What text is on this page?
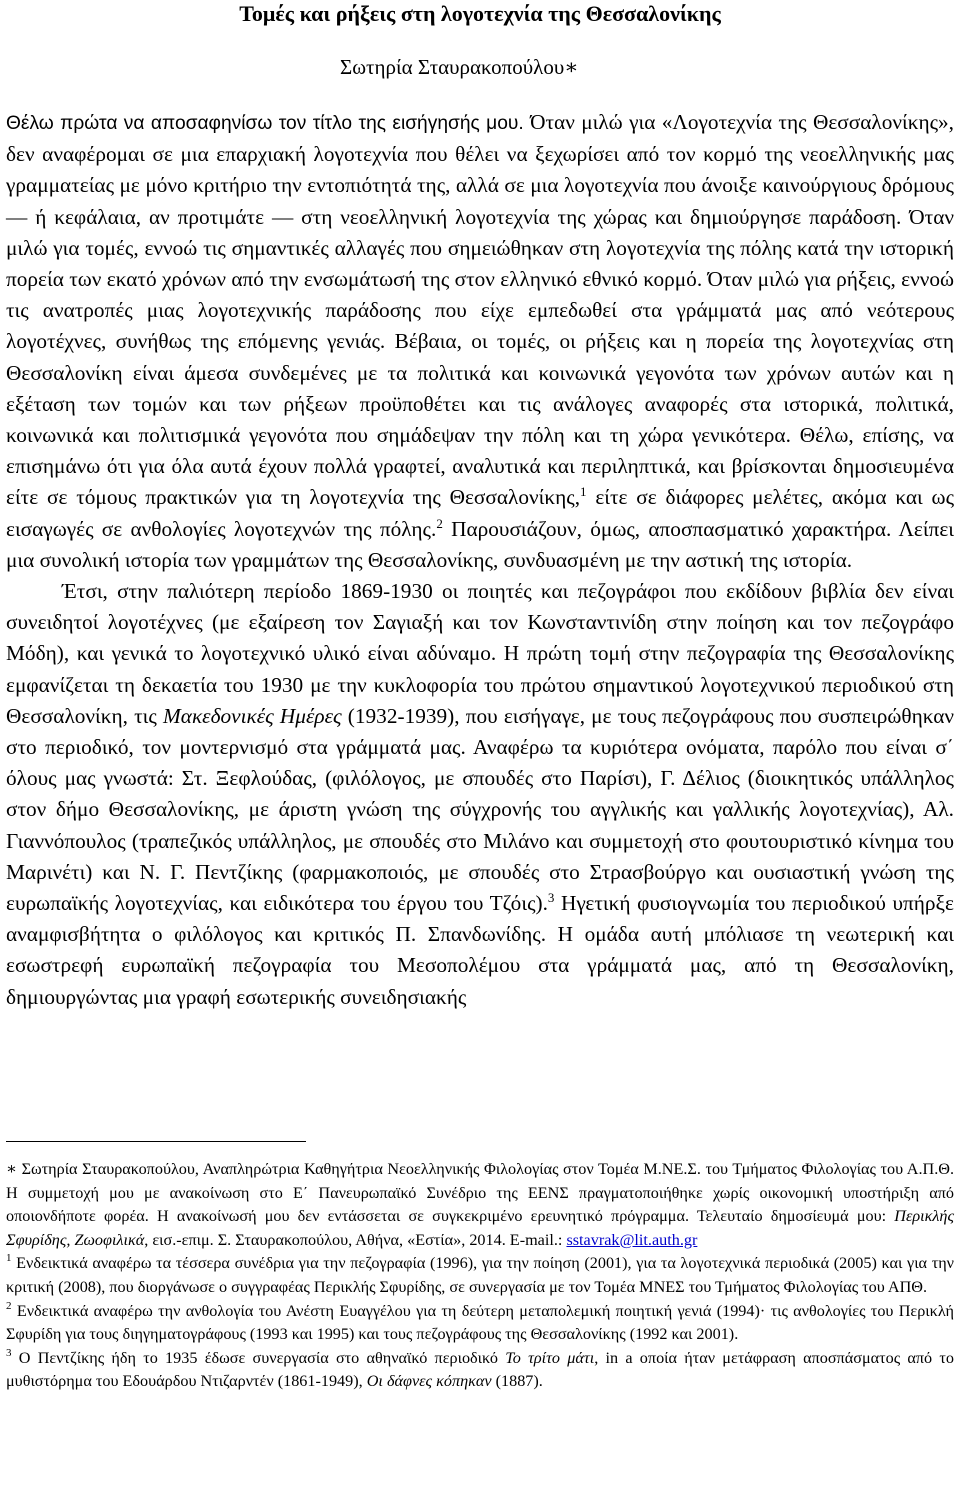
Τομές και ρήξεις στη λογοτεχνία της Θεσσαλονίκης
Σωτηρία Σταυρακοπούλου∗

Θέλω πρώτα να αποσαφηνίσω τον τίτλο της εισήγησής μου. Όταν μιλώ για «Λογοτεχνία της Θεσσαλονίκης», δεν αναφέρομαι σε μια επαρχιακή λογοτεχνία που θέλει να ξεχωρίσει από τον κορμό της νεοελληνικής μας γραμματείας με μόνο κριτήριο την εντοπιότητά της, αλλά σε μια λογοτεχνία που άνοιξε καινούργιους δρόμους — ή κεφάλαια, αν προτιμάτε — στη νεοελληνική λογοτεχνία της χώρας και δημιούργησε παράδοση. Όταν μιλώ για τομές, εννοώ τις σημαντικές αλλαγές που σημειώθηκαν στη λογοτεχνία της πόλης κατά την ιστορική πορεία των εκατό χρόνων από την ενσωμάτωσή της στον ελληνικό εθνικό κορμό. Όταν μιλώ για ρήξεις, εννοώ τις ανατροπές μιας λογοτεχνικής παράδοσης που είχε εμπεδωθεί στα γράμματά μας από νεότερους λογοτέχνες, συνήθως της επόμενης γενιάς. Βέβαια, οι τομές, οι ρήξεις και η πορεία της λογοτεχνίας στη Θεσσαλονίκη είναι άμεσα συνδεμένες με τα πολιτικά και κοινωνικά γεγονότα των χρόνων αυτών και η εξέταση των τομών και των ρήξεων προϋποθέτει και τις ανάλογες αναφορές στα ιστορικά, πολιτικά, κοινωνικά και πολιτισμικά γεγονότα που σημάδεψαν την πόλη και τη χώρα γενικότερα. Θέλω, επίσης, να επισημάνω ότι για όλα αυτά έχουν πολλά γραφτεί, αναλυτικά και περιληπτικά, και βρίσκονται δημοσιευμένα είτε σε τόμους πρακτικών για τη λογοτεχνία της Θεσσαλονίκης,$^1$ είτε σε διάφορες μελέτες, ακόμα και ως εισαγωγές σε ανθολογίες λογοτεχνών της πόλης.$^2$ Παρουσιάζουν, όμως, αποσπασματικό χαρακτήρα. Λείπει μια συνολική ιστορία των γραμμάτων της Θεσσαλονίκης, συνδυασμένη με την αστική της ιστορία.

Έτσι, στην παλιότερη περίοδο 1869-1930 οι ποιητές και πεζογράφοι που εκδίδουν βιβλία δεν είναι συνειδητοί λογοτέχνες (με εξαίρεση τον Σαγιαξή και τον Κωνσταντινίδη στην ποίηση και τον πεζογράφο Μόδη), και γενικά το λογοτεχνικό υλικό είναι αδύναμο. Η πρώτη τομή στην πεζογραφία της Θεσσαλονίκης εμφανίζεται τη δεκαετία του 1930 με την κυκλοφορία του πρώτου σημαντικού λογοτεχνικού περιοδικού στη Θεσσαλονίκη, τις Μακεδονικές Ημέρες (1932-1939), που εισήγαγε, με τους πεζογράφους που συσπειρώθηκαν στο περιοδικό, τον μοντερνισμό στα γράμματά μας. Αναφέρω τα κυριότερα ονόματα, παρόλο που είναι σ΄ όλους μας γνωστά: Στ. Ξεφλούδας, (φιλόλογος, με σπουδές στο Παρίσι), Γ. Δέλιος (διοικητικός υπάλληλος στον δήμο Θεσσαλονίκης, με άριστη γνώση της σύγχρονής του αγγλικής και γαλλικής λογοτεχνίας), Αλ. Γιαννόπουλος (τραπεζικός υπάλληλος, με σπουδές στο Μιλάνο και συμμετοχή στο φουτουριστικό κίνημα του Μαρινέτι) και Ν. Γ. Πεντζίκης (φαρμακοποιός, με σπουδές στο Στρασβούργο και ουσιαστική γνώση της ευρωπαϊκής λογοτεχνίας, και ειδικότερα του έργου του Τζόις).$^3$ Ηγετική φυσιογνωμία του περιοδικού υπήρξε αναμφισβήτητα ο φιλόλογος και κριτικός Π. Σπανδωνίδης. Η ομάδα αυτή μπόλιασε τη νεωτερική και εσωστρεφή ευρωπαϊκή πεζογραφία του Μεσοπολέμου στα γράμματά μας, από τη Θεσσαλονίκη, δημιουργώντας μια γραφή εσωτερικής συνειδησιακής

∗ Σωτηρία Σταυρακοπούλου, Αναπληρώτρια Καθηγήτρια Νεοελληνικής Φιλολογίας στον Τομέα Μ.ΝΕ.Σ. του Τμήματος Φιλολογίας του Α.Π.Θ. Η συμμετοχή μου με ανακοίνωση στο Ε΄ Πανευρωπαϊκό Συνέδριο της ΕΕΝΣ πραγματοποιήθηκε χωρίς οικονομική υποστήριξη από οποιονδήποτε φορέα. Η ανακοίνωσή μου δεν εντάσσεται σε συγκεκριμένο ερευνητικό πρόγραμμα. Τελευταίο δημοσίευμά μου: Περικλής Σφυρίδης, Ζωοφιλικά, εισ.-επιμ. Σ. Σταυρακοπούλου, Αθήνα, «Εστία», 2014. E-mail.: sstavrak@lit.auth.gr

$^1$ Ενδεικτικά αναφέρω τα τέσσερα συνέδρια για την πεζογραφία (1996), για την ποίηση (2001), για τα λογοτεχνικά περιοδικά (2005) και για την κριτική (2008), που διοργάνωσε ο συγγραφέας Περικλής Σφυρίδης, σε συνεργασία με τον Τομέα ΜΝΕΣ του Τμήματος Φιλολογίας του ΑΠΘ.

$^2$ Ενδεικτικά αναφέρω την ανθολογία του Ανέστη Ευαγγέλου για τη δεύτερη μεταπολεμική ποιητική γενιά (1994)· τις ανθολογίες του Περικλή Σφυρίδη για τους διηγηματογράφους (1993 και 1995) και τους πεζογράφους της Θεσσαλονίκης (1992 και 2001).

$^3$ Ο Πεντζίκης ήδη το 1935 έδωσε συνεργασία στο αθηναϊκό περιοδικό Το τρίτο μάτι, in a οποία ήταν μετάφραση αποσπάσματος από το μυθιστόρημα του Εδουάρδου Ντιζαρντέν (1861-1949), Οι δάφνες κόπηκαν (1887).
